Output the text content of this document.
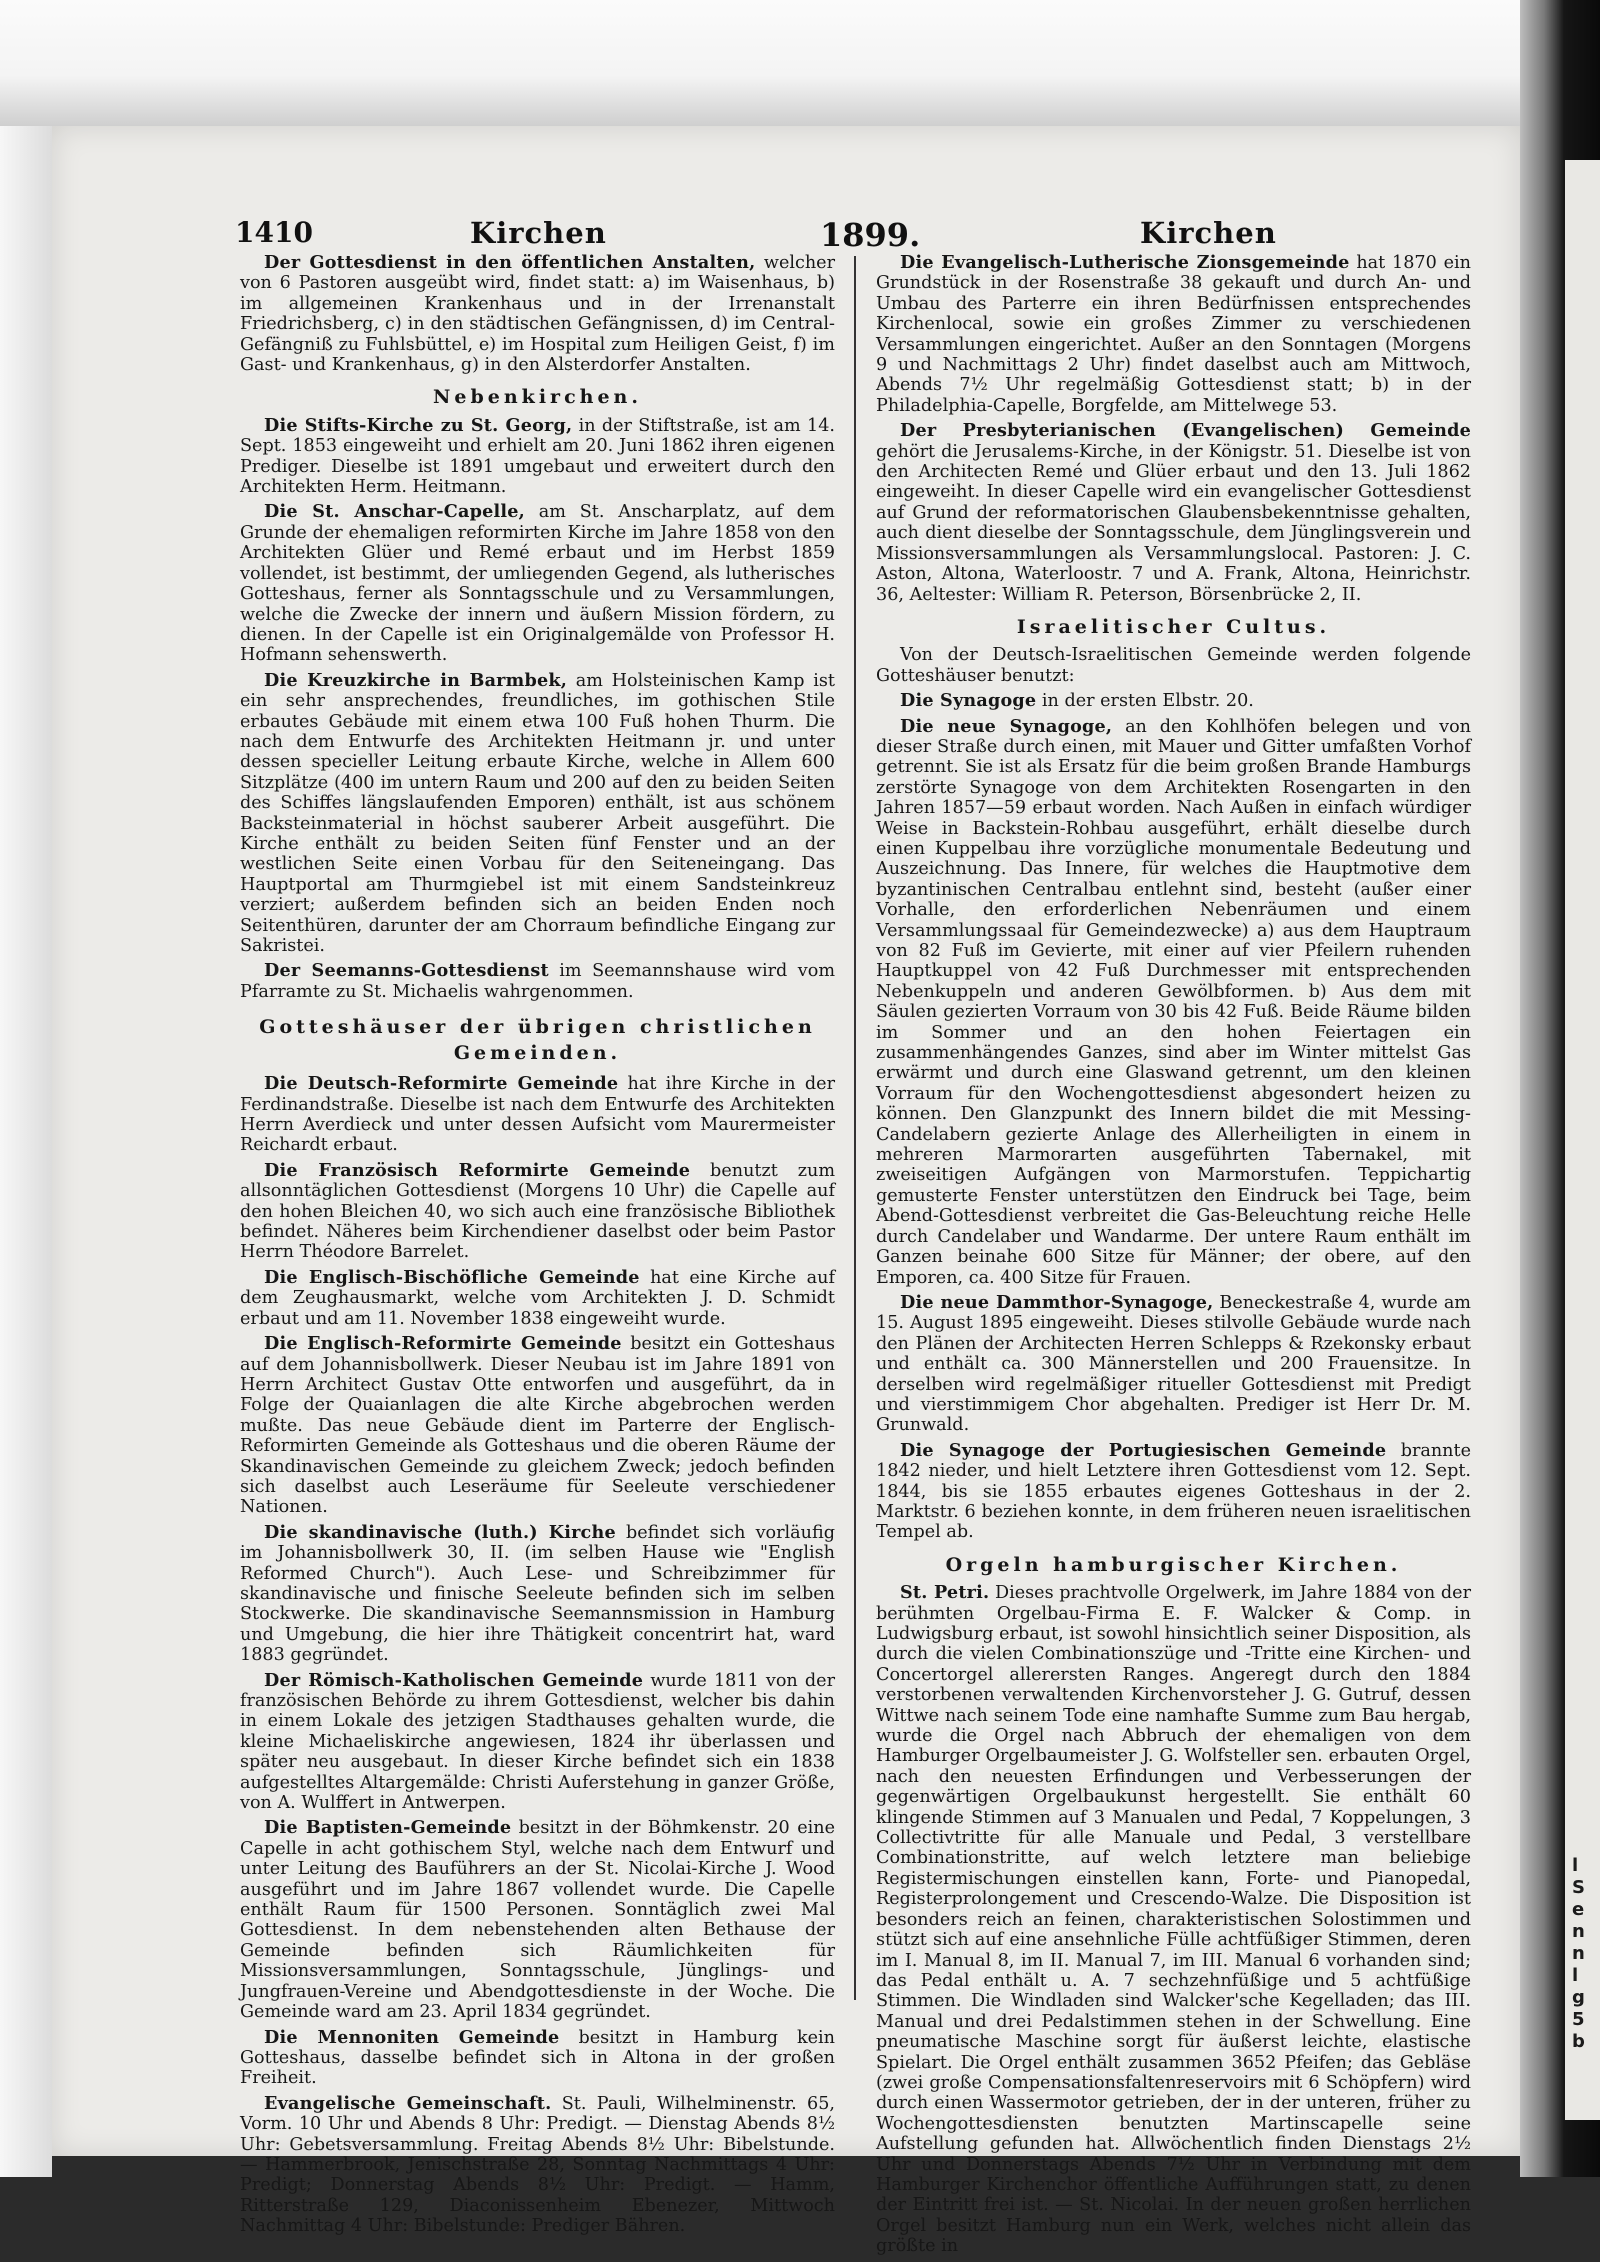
l
S
e
n
n
l
g
5
b
1410	Kirchen	1899.	Kirchen

Der Gottesdienst in den öffentlichen Anstalten, welcher von 6 Pastoren ausgeübt wird, findet statt: a) im Waisenhaus, b) im allgemeinen Krankenhaus und in der Irrenanstalt Friedrichsberg, c) in den städtischen Gefängnissen, d) im Central-Gefängniß zu Fuhlsbüttel, e) im Hospital zum Heiligen Geist, f) im Gast- und Krankenhaus, g) in den Alsterdorfer Anstalten.

Nebenkirchen.

Die Stifts-Kirche zu St. Georg, in der Stiftstraße, ist am 14. Sept. 1853 eingeweiht und erhielt am 20. Juni 1862 ihren eigenen Prediger. Dieselbe ist 1891 umgebaut und erweitert durch den Architekten Herm. Heitmann.

Die St. Anschar-Capelle, am St. Anscharplatz, auf dem Grunde der ehemaligen reformirten Kirche im Jahre 1858 von den Architekten Glüer und Remé erbaut und im Herbst 1859 vollendet, ist bestimmt, der umliegenden Gegend, als lutherisches Gotteshaus, ferner als Sonntagsschule und zu Versammlungen, welche die Zwecke der innern und äußern Mission fördern, zu dienen. In der Capelle ist ein Originalgemälde von Professor H. Hofmann sehenswerth.

Die Kreuzkirche in Barmbek, am Holsteinischen Kamp ist ein sehr ansprechendes, freundliches, im gothischen Stile erbautes Gebäude mit einem etwa 100 Fuß hohen Thurm. Die nach dem Entwurfe des Architekten Heitmann jr. und unter dessen specieller Leitung erbaute Kirche, welche in Allem 600 Sitzplätze (400 im untern Raum und 200 auf den zu beiden Seiten des Schiffes längslaufenden Emporen) enthält, ist aus schönem Backsteinmaterial in höchst sauberer Arbeit ausgeführt. Die Kirche enthält zu beiden Seiten fünf Fenster und an der westlichen Seite einen Vorbau für den Seiteneingang. Das Hauptportal am Thurmgiebel ist mit einem Sandsteinkreuz verziert; außerdem befinden sich an beiden Enden noch Seitenthüren, darunter der am Chorraum befindliche Eingang zur Sakristei.

Der Seemanns-Gottesdienst im Seemannshause wird vom Pfarramte zu St. Michaelis wahrgenommen.

Gotteshäuser der übrigen christlichen
Gemeinden.

Die Deutsch-Reformirte Gemeinde hat ihre Kirche in der Ferdinandstraße. Dieselbe ist nach dem Entwurfe des Architekten Herrn Averdieck und unter dessen Aufsicht vom Maurermeister Reichardt erbaut.

Die Französisch Reformirte Gemeinde benutzt zum allsonntäglichen Gottesdienst (Morgens 10 Uhr) die Capelle auf den hohen Bleichen 40, wo sich auch eine französische Bibliothek befindet. Näheres beim Kirchendiener daselbst oder beim Pastor Herrn Théodore Barrelet.

Die Englisch-Bischöfliche Gemeinde hat eine Kirche auf dem Zeughausmarkt, welche vom Architekten J. D. Schmidt erbaut und am 11. November 1838 eingeweiht wurde.

Die Englisch-Reformirte Gemeinde besitzt ein Gotteshaus auf dem Johannisbollwerk. Dieser Neubau ist im Jahre 1891 von Herrn Architect Gustav Otte entworfen und ausgeführt, da in Folge der Quaianlagen die alte Kirche abgebrochen werden mußte. Das neue Gebäude dient im Parterre der Englisch-Reformirten Gemeinde als Gotteshaus und die oberen Räume der Skandinavischen Gemeinde zu gleichem Zweck; jedoch befinden sich daselbst auch Leseräume für Seeleute verschiedener Nationen.

Die skandinavische (luth.) Kirche befindet sich vorläufig im Johannisbollwerk 30, II. (im selben Hause wie "English Reformed Church"). Auch Lese- und Schreibzimmer für skandinavische und finische Seeleute befinden sich im selben Stockwerke. Die skandinavische Seemannsmission in Hamburg und Umgebung, die hier ihre Thätigkeit concentrirt hat, ward 1883 gegründet.

Der Römisch-Katholischen Gemeinde wurde 1811 von der französischen Behörde zu ihrem Gottesdienst, welcher bis dahin in einem Lokale des jetzigen Stadthauses gehalten wurde, die kleine Michaeliskirche angewiesen, 1824 ihr überlassen und später neu ausgebaut. In dieser Kirche befindet sich ein 1838 aufgestelltes Altargemälde: Christi Auferstehung in ganzer Größe, von A. Wulffert in Antwerpen.

Die Baptisten-Gemeinde besitzt in der Böhmkenstr. 20 eine Capelle in acht gothischem Styl, welche nach dem Entwurf und unter Leitung des Bauführers an der St. Nicolai-Kirche J. Wood ausgeführt und im Jahre 1867 vollendet wurde. Die Capelle enthält Raum für 1500 Personen. Sonntäglich zwei Mal Gottesdienst. In dem nebenstehenden alten Bethause der Gemeinde befinden sich Räumlichkeiten für Missionsversammlungen, Sonntagsschule, Jünglings- und Jungfrauen-Vereine und Abendgottesdienste in der Woche. Die Gemeinde ward am 23. April 1834 gegründet.

Die Mennoniten Gemeinde besitzt in Hamburg kein Gotteshaus, dasselbe befindet sich in Altona in der großen Freiheit.

Evangelische Gemeinschaft. St. Pauli, Wilhelminenstr. 65, Vorm. 10 Uhr und Abends 8 Uhr: Predigt. — Dienstag Abends 8½ Uhr: Gebetsversammlung. Freitag Abends 8½ Uhr: Bibelstunde. — Hammerbrook, Jenischstraße 28, Sonntag Nachmittags 4 Uhr: Predigt; Donnerstag Abends 8½ Uhr: Predigt. — Hamm, Ritterstraße 129, Diaconissenheim Ebenezer, Mittwoch Nachmittag 4 Uhr: Bibelstunde: Prediger Bähren.

Die Evangelisch-Lutherische Zionsgemeinde hat 1870 ein Grundstück in der Rosenstraße 38 gekauft und durch An- und Umbau des Parterre ein ihren Bedürfnissen entsprechendes Kirchenlocal, sowie ein großes Zimmer zu verschiedenen Versammlungen eingerichtet. Außer an den Sonntagen (Morgens 9 und Nachmittags 2 Uhr) findet daselbst auch am Mittwoch, Abends 7½ Uhr regelmäßig Gottesdienst statt; b) in der Philadelphia-Capelle, Borgfelde, am Mittelwege 53.

Der Presbyterianischen (Evangelischen) Gemeinde gehört die Jerusalems-Kirche, in der Königstr. 51. Dieselbe ist von den Architecten Remé und Glüer erbaut und den 13. Juli 1862 eingeweiht. In dieser Capelle wird ein evangelischer Gottesdienst auf Grund der reformatorischen Glaubensbekenntnisse gehalten, auch dient dieselbe der Sonntagsschule, dem Jünglingsverein und Missionsversammlungen als Versammlungslocal. Pastoren: J. C. Aston, Altona, Waterloostr. 7 und A. Frank, Altona, Heinrichstr. 36, Aeltester: William R. Peterson, Börsenbrücke 2, II.

Israelitischer Cultus.

Von der Deutsch-Israelitischen Gemeinde werden folgende Gotteshäuser benutzt:

Die Synagoge in der ersten Elbstr. 20.

Die neue Synagoge, an den Kohlhöfen belegen und von dieser Straße durch einen, mit Mauer und Gitter umfaßten Vorhof getrennt. Sie ist als Ersatz für die beim großen Brande Hamburgs zerstörte Synagoge von dem Architekten Rosengarten in den Jahren 1857—59 erbaut worden. Nach Außen in einfach würdiger Weise in Backstein-Rohbau ausgeführt, erhält dieselbe durch einen Kuppelbau ihre vorzügliche monumentale Bedeutung und Auszeichnung. Das Innere, für welches die Hauptmotive dem byzantinischen Centralbau entlehnt sind, besteht (außer einer Vorhalle, den erforderlichen Nebenräumen und einem Versammlungssaal für Gemeindezwecke) a) aus dem Hauptraum von 82 Fuß im Gevierte, mit einer auf vier Pfeilern ruhenden Hauptkuppel von 42 Fuß Durchmesser mit entsprechenden Nebenkuppeln und anderen Gewölbformen. b) Aus dem mit Säulen gezierten Vorraum von 30 bis 42 Fuß. Beide Räume bilden im Sommer und an den hohen Feiertagen ein zusammenhängendes Ganzes, sind aber im Winter mittelst Gas erwärmt und durch eine Glaswand getrennt, um den kleinen Vorraum für den Wochengottesdienst abgesondert heizen zu können. Den Glanzpunkt des Innern bildet die mit Messing-Candelabern gezierte Anlage des Allerheiligten in einem in mehreren Marmorarten ausgeführten Tabernakel, mit zweiseitigen Aufgängen von Marmorstufen. Teppichartig gemusterte Fenster unterstützen den Eindruck bei Tage, beim Abend-Gottesdienst verbreitet die Gas-Beleuchtung reiche Helle durch Candelaber und Wandarme. Der untere Raum enthält im Ganzen beinahe 600 Sitze für Männer; der obere, auf den Emporen, ca. 400 Sitze für Frauen.

Die neue Dammthor-Synagoge, Beneckestraße 4, wurde am 15. August 1895 eingeweiht. Dieses stilvolle Gebäude wurde nach den Plänen der Architecten Herren Schlepps & Rzekonsky erbaut und enthält ca. 300 Männerstellen und 200 Frauensitze. In derselben wird regelmäßiger ritueller Gottesdienst mit Predigt und vierstimmigem Chor abgehalten. Prediger ist Herr Dr. M. Grunwald.

Die Synagoge der Portugiesischen Gemeinde brannte 1842 nieder, und hielt Letztere ihren Gottesdienst vom 12. Sept. 1844, bis sie 1855 erbautes eigenes Gotteshaus in der 2. Marktstr. 6 beziehen konnte, in dem früheren neuen israelitischen Tempel ab.

Orgeln hamburgischer Kirchen.

St. Petri. Dieses prachtvolle Orgelwerk, im Jahre 1884 von der berühmten Orgelbau-Firma E. F. Walcker & Comp. in Ludwigsburg erbaut, ist sowohl hinsichtlich seiner Disposition, als durch die vielen Combinationszüge und -Tritte eine Kirchen- und Concertorgel allerersten Ranges. Angeregt durch den 1884 verstorbenen verwaltenden Kirchenvorsteher J. G. Gutruf, dessen Wittwe nach seinem Tode eine namhafte Summe zum Bau hergab, wurde die Orgel nach Abbruch der ehemaligen von dem Hamburger Orgelbaumeister J. G. Wolfsteller sen. erbauten Orgel, nach den neuesten Erfindungen und Verbesserungen der gegenwärtigen Orgelbaukunst hergestellt. Sie enthält 60 klingende Stimmen auf 3 Manualen und Pedal, 7 Koppelungen, 3 Collectivtritte für alle Manuale und Pedal, 3 verstellbare Combinationstritte, auf welch letztere man beliebige Registermischungen einstellen kann, Forte- und Pianopedal, Registerprolongement und Crescendo-Walze. Die Disposition ist besonders reich an feinen, charakteristischen Solostimmen und stützt sich auf eine ansehnliche Fülle achtfüßiger Stimmen, deren im I. Manual 8, im II. Manual 7, im III. Manual 6 vorhanden sind; das Pedal enthält u. A. 7 sechzehnfüßige und 5 achtfüßige Stimmen. Die Windladen sind Walcker'sche Kegelladen; das III. Manual und drei Pedalstimmen stehen in der Schwellung. Eine pneumatische Maschine sorgt für äußerst leichte, elastische Spielart. Die Orgel enthält zusammen 3652 Pfeifen; das Gebläse (zwei große Compensationsfaltenreservoirs mit 6 Schöpfern) wird durch einen Wassermotor getrieben, der in der unteren, früher zu Wochengottesdiensten benutzten Martinscapelle seine Aufstellung gefunden hat. Allwöchentlich finden Dienstags 2½ Uhr und Donnerstags Abends 7½ Uhr in Verbindung mit dem Hamburger Kirchenchor öffentliche Aufführungen statt, zu denen der Eintritt frei ist. — St. Nicolai. In der neuen großen herrlichen Orgel besitzt Hamburg nun ein Werk, welches nicht allein das größte in
